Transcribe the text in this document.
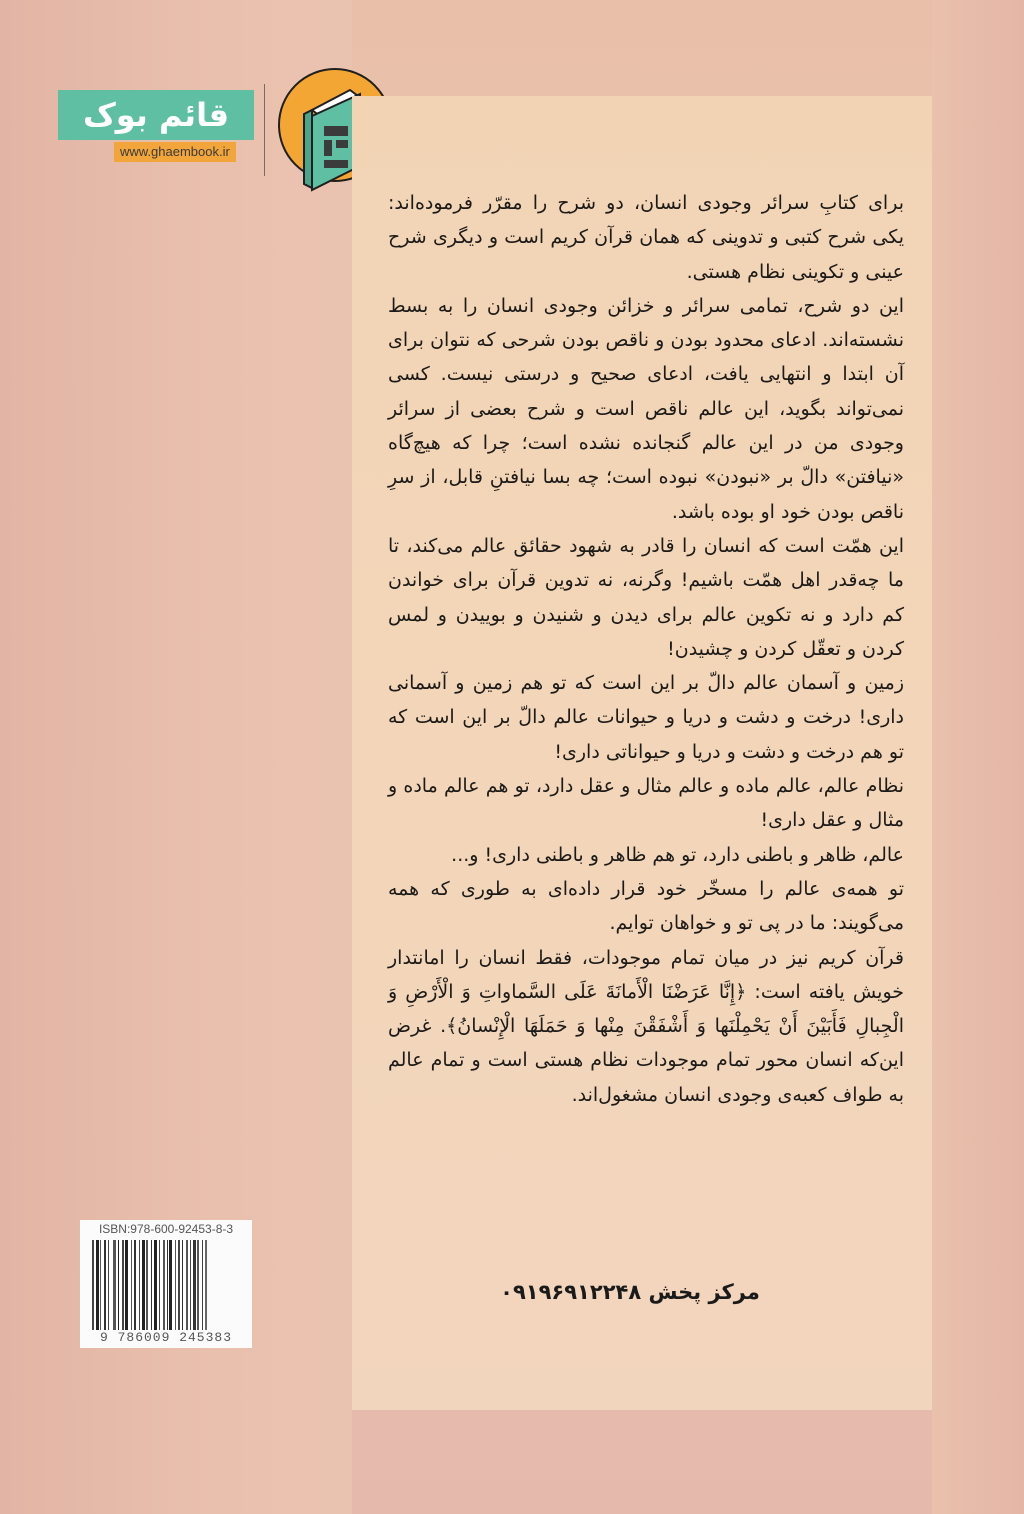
قائم بوک
www.ghaembook.ir

برای کتابِ سرائر وجودی انسان، دو شرح را مقرّر فرموده‌اند: یکی شرح کتبی و تدوینی که همان قرآن کریم است و دیگری شرح عینی و تکوینی نظام هستی.

این دو شرح، تمامی سرائر و خزائن وجودی انسان را به بسط نشسته‌اند. ادعای محدود بودن و ناقص بودن شرحی که نتوان برای آن ابتدا و انتهایی یافت، ادعای صحیح و درستی نیست. کسی نمی‌تواند بگوید، این عالم ناقص است و شرح بعضی از سرائر وجودی من در این عالم گنجانده نشده است؛ چرا که هیچ‌گاه «نیافتن» دالّ بر «نبودن» نبوده است؛ چه بسا نیافتنِ قابل، از سرِ ناقص بودن خود او بوده باشد.

این همّت است که انسان را قادر به شهود حقائق عالم می‌کند، تا ما چه‌قدر اهل همّت باشیم! وگرنه، نه تدوین قرآن برای خواندن کم دارد و نه تکوین عالم برای دیدن و شنیدن و بوییدن و لمس کردن و تعقّل کردن و چشیدن!

زمین و آسمان عالم دالّ بر این است که تو هم زمین و آسمانی داری! درخت و دشت و دریا و حیوانات عالم دالّ بر این است که تو هم درخت و دشت و دریا و حیواناتی داری!

نظام عالم، عالم ماده و عالم مثال و عقل دارد، تو هم عالم ماده و مثال و عقل داری!

عالم، ظاهر و باطنی دارد، تو هم ظاهر و باطنی داری! و...

تو همه‌ی عالم را مسخّر خود قرار داده‌ای به طوری که همه می‌گویند: ما در پی تو و خواهان توایم.

قرآن کریم نیز در میان تمام موجودات، فقط انسان را امانتدار خویش یافته است: ﴿إِنَّا عَرَضْنَا الْأَمانَةَ عَلَى السَّماواتِ وَ الْأَرْضِ وَ الْجِبالِ فَأَبَيْنَ أَنْ يَحْمِلْنَها وَ أَشْفَقْنَ مِنْها وَ حَمَلَهَا الْإِنْسانُ﴾. غرض این‌که انسان محور تمام موجودات نظام هستی است و تمام عالم به طواف کعبه‌ی وجودی انسان مشغول‌اند.

مرکز پخش ۰۹۱۹۶۹۱۲۲۴۸
ISBN:978-600-92453-8-3
9 786009 245383
